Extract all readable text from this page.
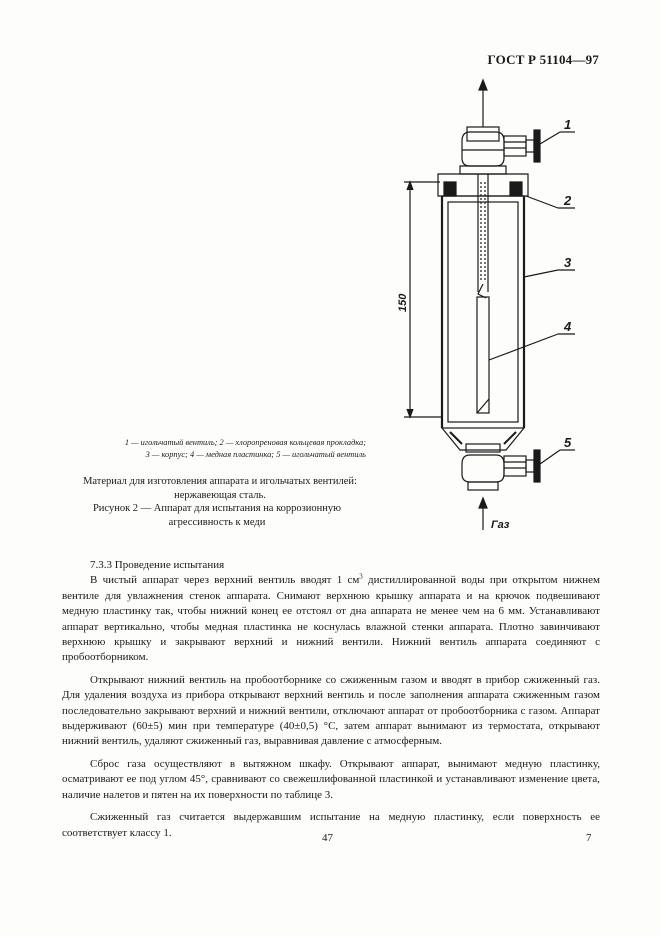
ГОСТ Р 51104—97
1
2
3
4
5
150
Газ
1 — игольчатый вентиль; 2 — хлоропреновая кольцевая прокладка;
3 — корпус; 4 — медная пластинка; 5 — игольчатый вентиль
Материал для изготовления аппарата и игольчатых вентилей: нержавеющая сталь.
Рисунок 2 — Аппарат для испытания на коррозионную агрессивность к меди

7.3.3 Проведение испытания

В чистый аппарат через верхний вентиль вводят 1 $см^3$ дистиллированной воды при открытом нижнем вентиле для увлажнения стенок аппарата. Снимают верхнюю крышку аппарата и на крючок подвешивают медную пластинку так, чтобы нижний конец ее отстоял от дна аппарата не менее чем на 6 мм. Устанавливают аппарат вертикально, чтобы медная пластинка не коснулась влажной стенки аппарата. Плотно завинчивают верхнюю крышку и закрывают верхний и нижний вентили. Нижний вентиль аппарата соединяют с пробоотборником.

Открывают нижний вентиль на пробоотборнике со сжиженным газом и вводят в прибор сжиженный газ. Для удаления воздуха из прибора открывают верхний вентиль и после заполнения аппарата сжиженным газом последовательно закрывают верхний и нижний вентили, отключают аппарат от пробоотборника с газом. Аппарат выдерживают (60±5) мин при температуре (40±0,5) °С, затем аппарат вынимают из термостата, открывают нижний вентиль, удаляют сжиженный газ, выравнивая давление с атмосферным.

Сброс газа осуществляют в вытяжном шкафу. Открывают аппарат, вынимают медную пластинку, осматривают ее под углом 45°, сравнивают со свежешлифованной пластинкой и устанавливают изменение цвета, наличие налетов и пятен на их поверхности по таблице 3.

Сжиженный газ считается выдержавшим испытание на медную пластинку, если поверхность ее соответствует классу 1.	47	7
